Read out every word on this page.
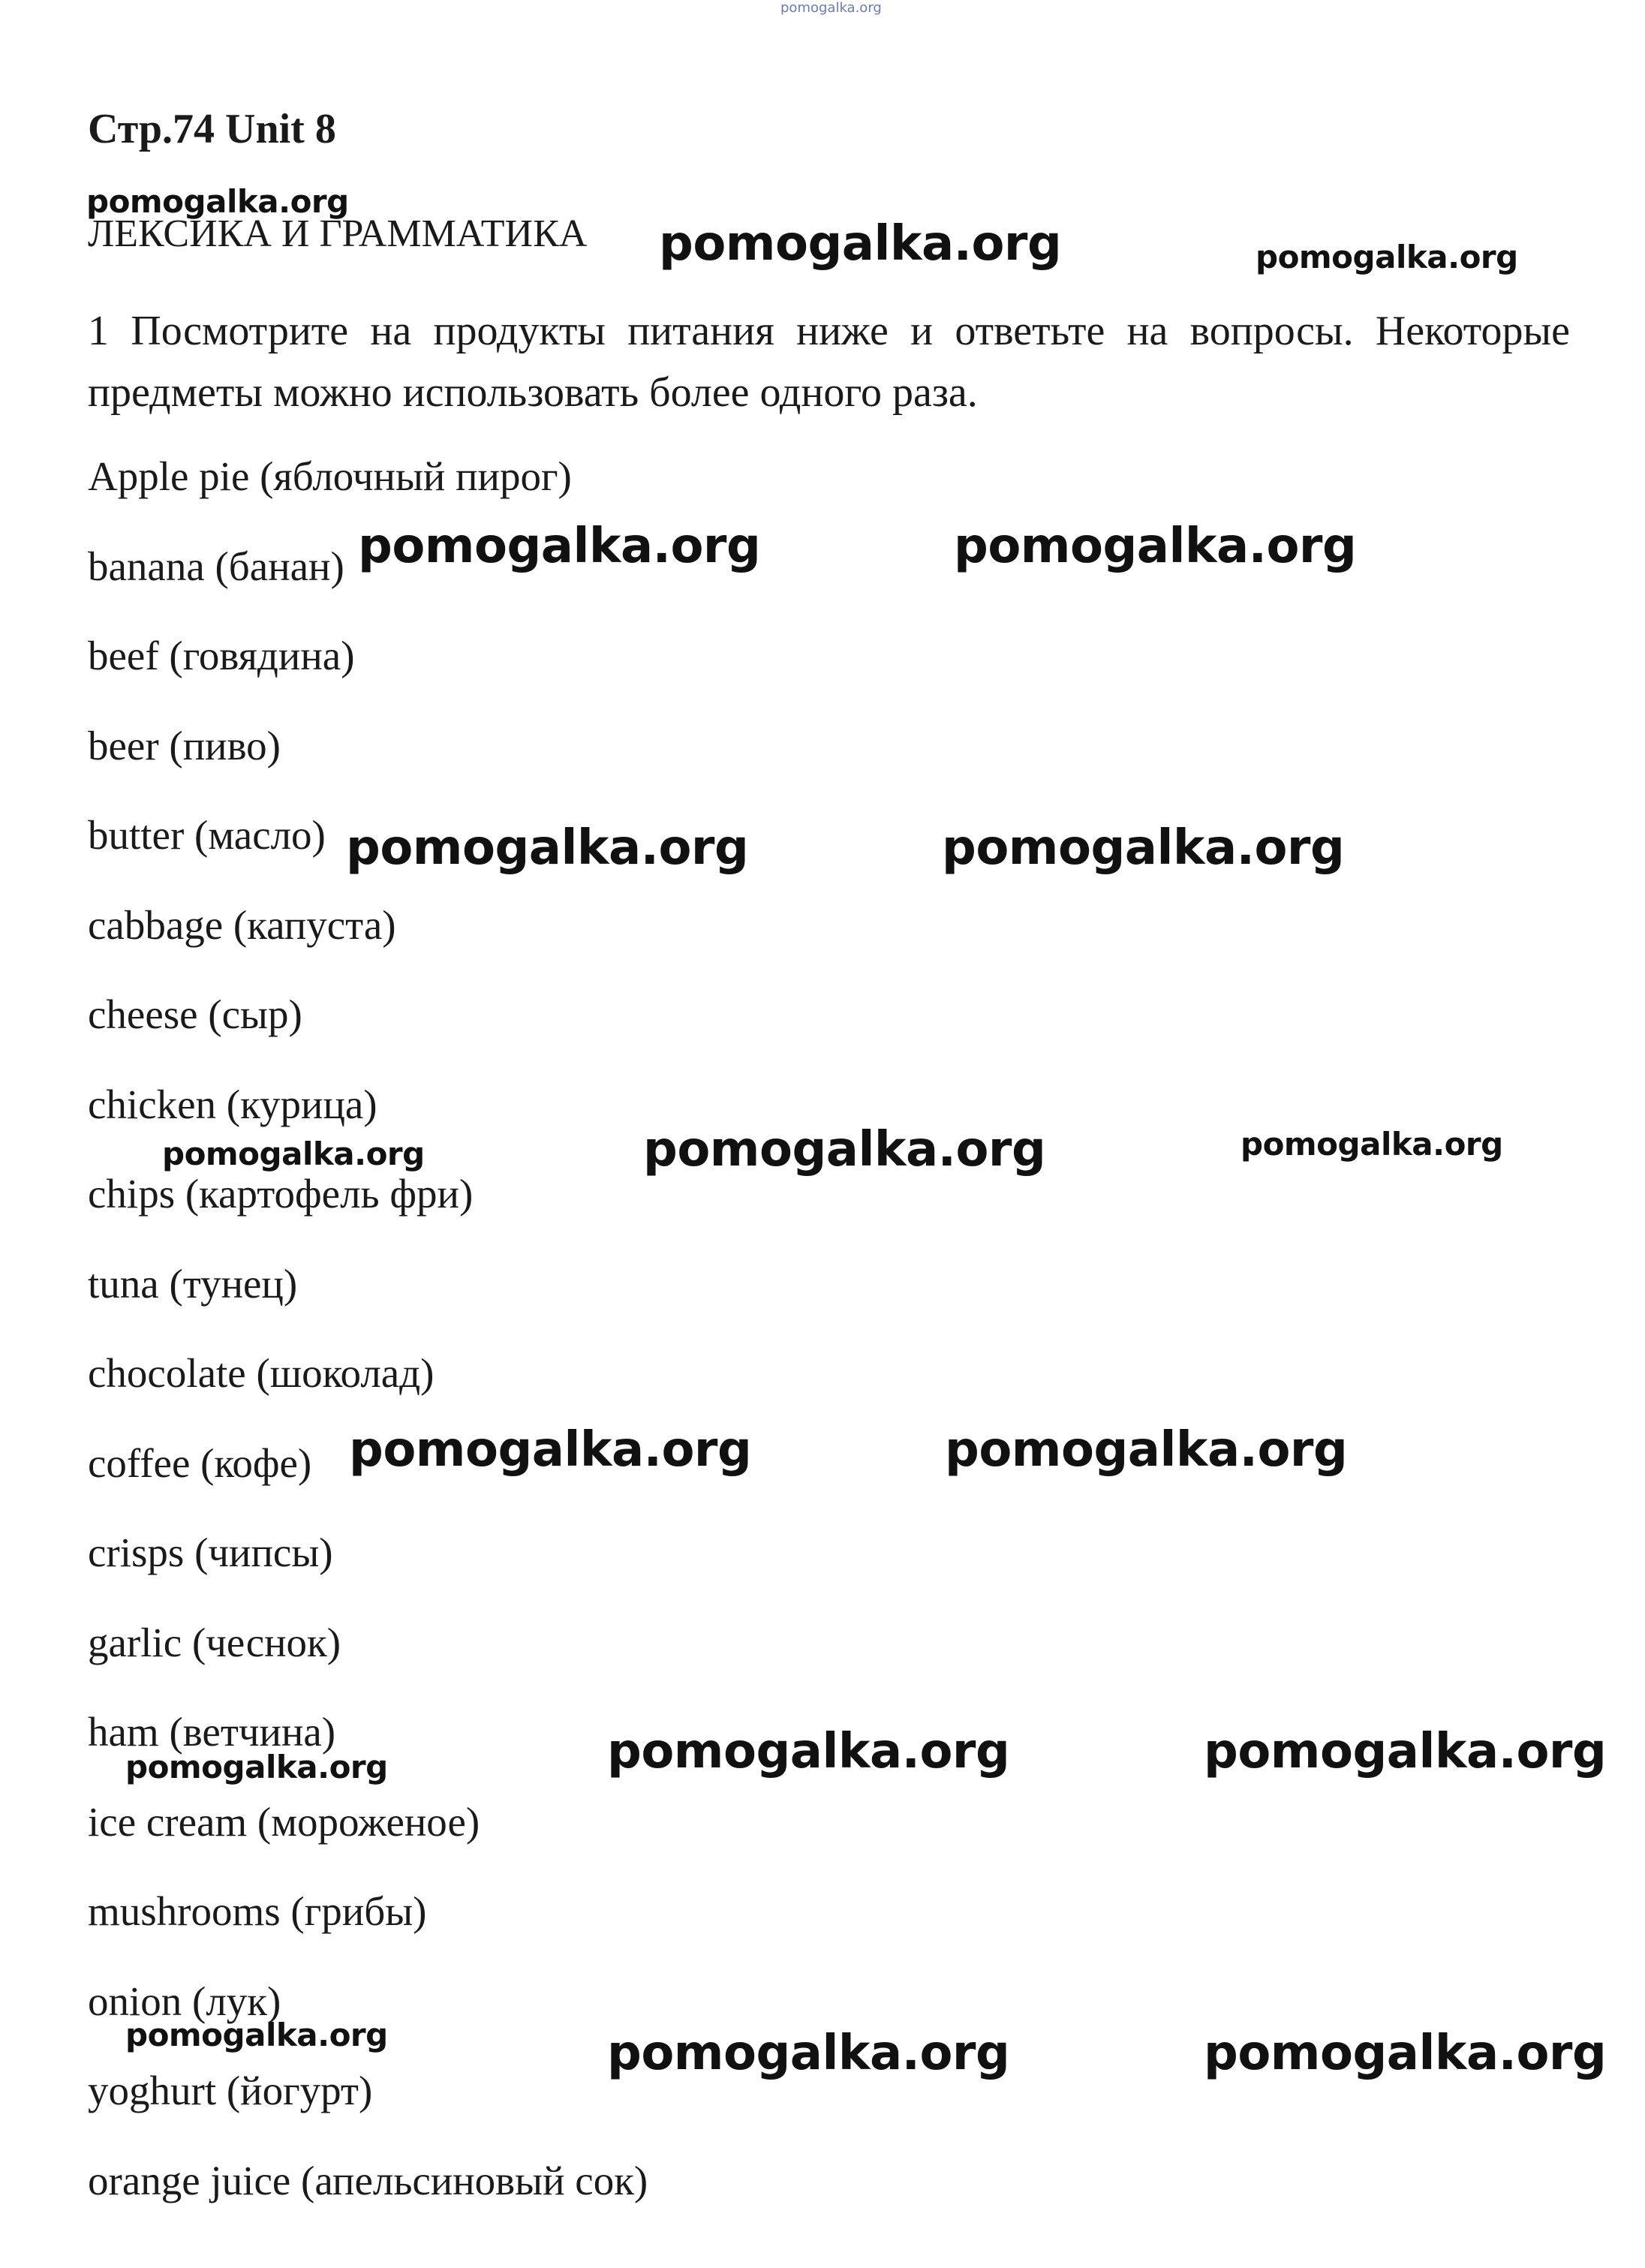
pomogalka.org
Стр.74 Unit 8
ЛЕКСИКА И ГРАММАТИКА
1 Посмотрите на продукты питания ниже и ответьте на вопросы. Некоторые предметы можно использовать более одного раза.
Apple pie (яблочный пирог)
banana (банан)
beef (говядина)
beer (пиво)
butter (масло)
cabbage (капуста)
cheese (сыр)
chicken (курица)
chips (картофель фри)
tuna (тунец)
chocolate (шоколад)
coffee (кофе)
crisps (чипсы)
garlic (чеснок)
ham (ветчина)
ice cream (мороженое)
mushrooms (грибы)
onion (лук)
yoghurt (йогурт)
orange juice (апельсиновый сок)
pomogalka.org
pomogalka.org	pomogalka.org
pomogalka.org	pomogalka.org
pomogalka.org	pomogalka.org
pomogalka.org	pomogalka.org	pomogalka.org
pomogalka.org	pomogalka.org
pomogalka.org	pomogalka.org	pomogalka.org
pomogalka.org	pomogalka.org	pomogalka.org
